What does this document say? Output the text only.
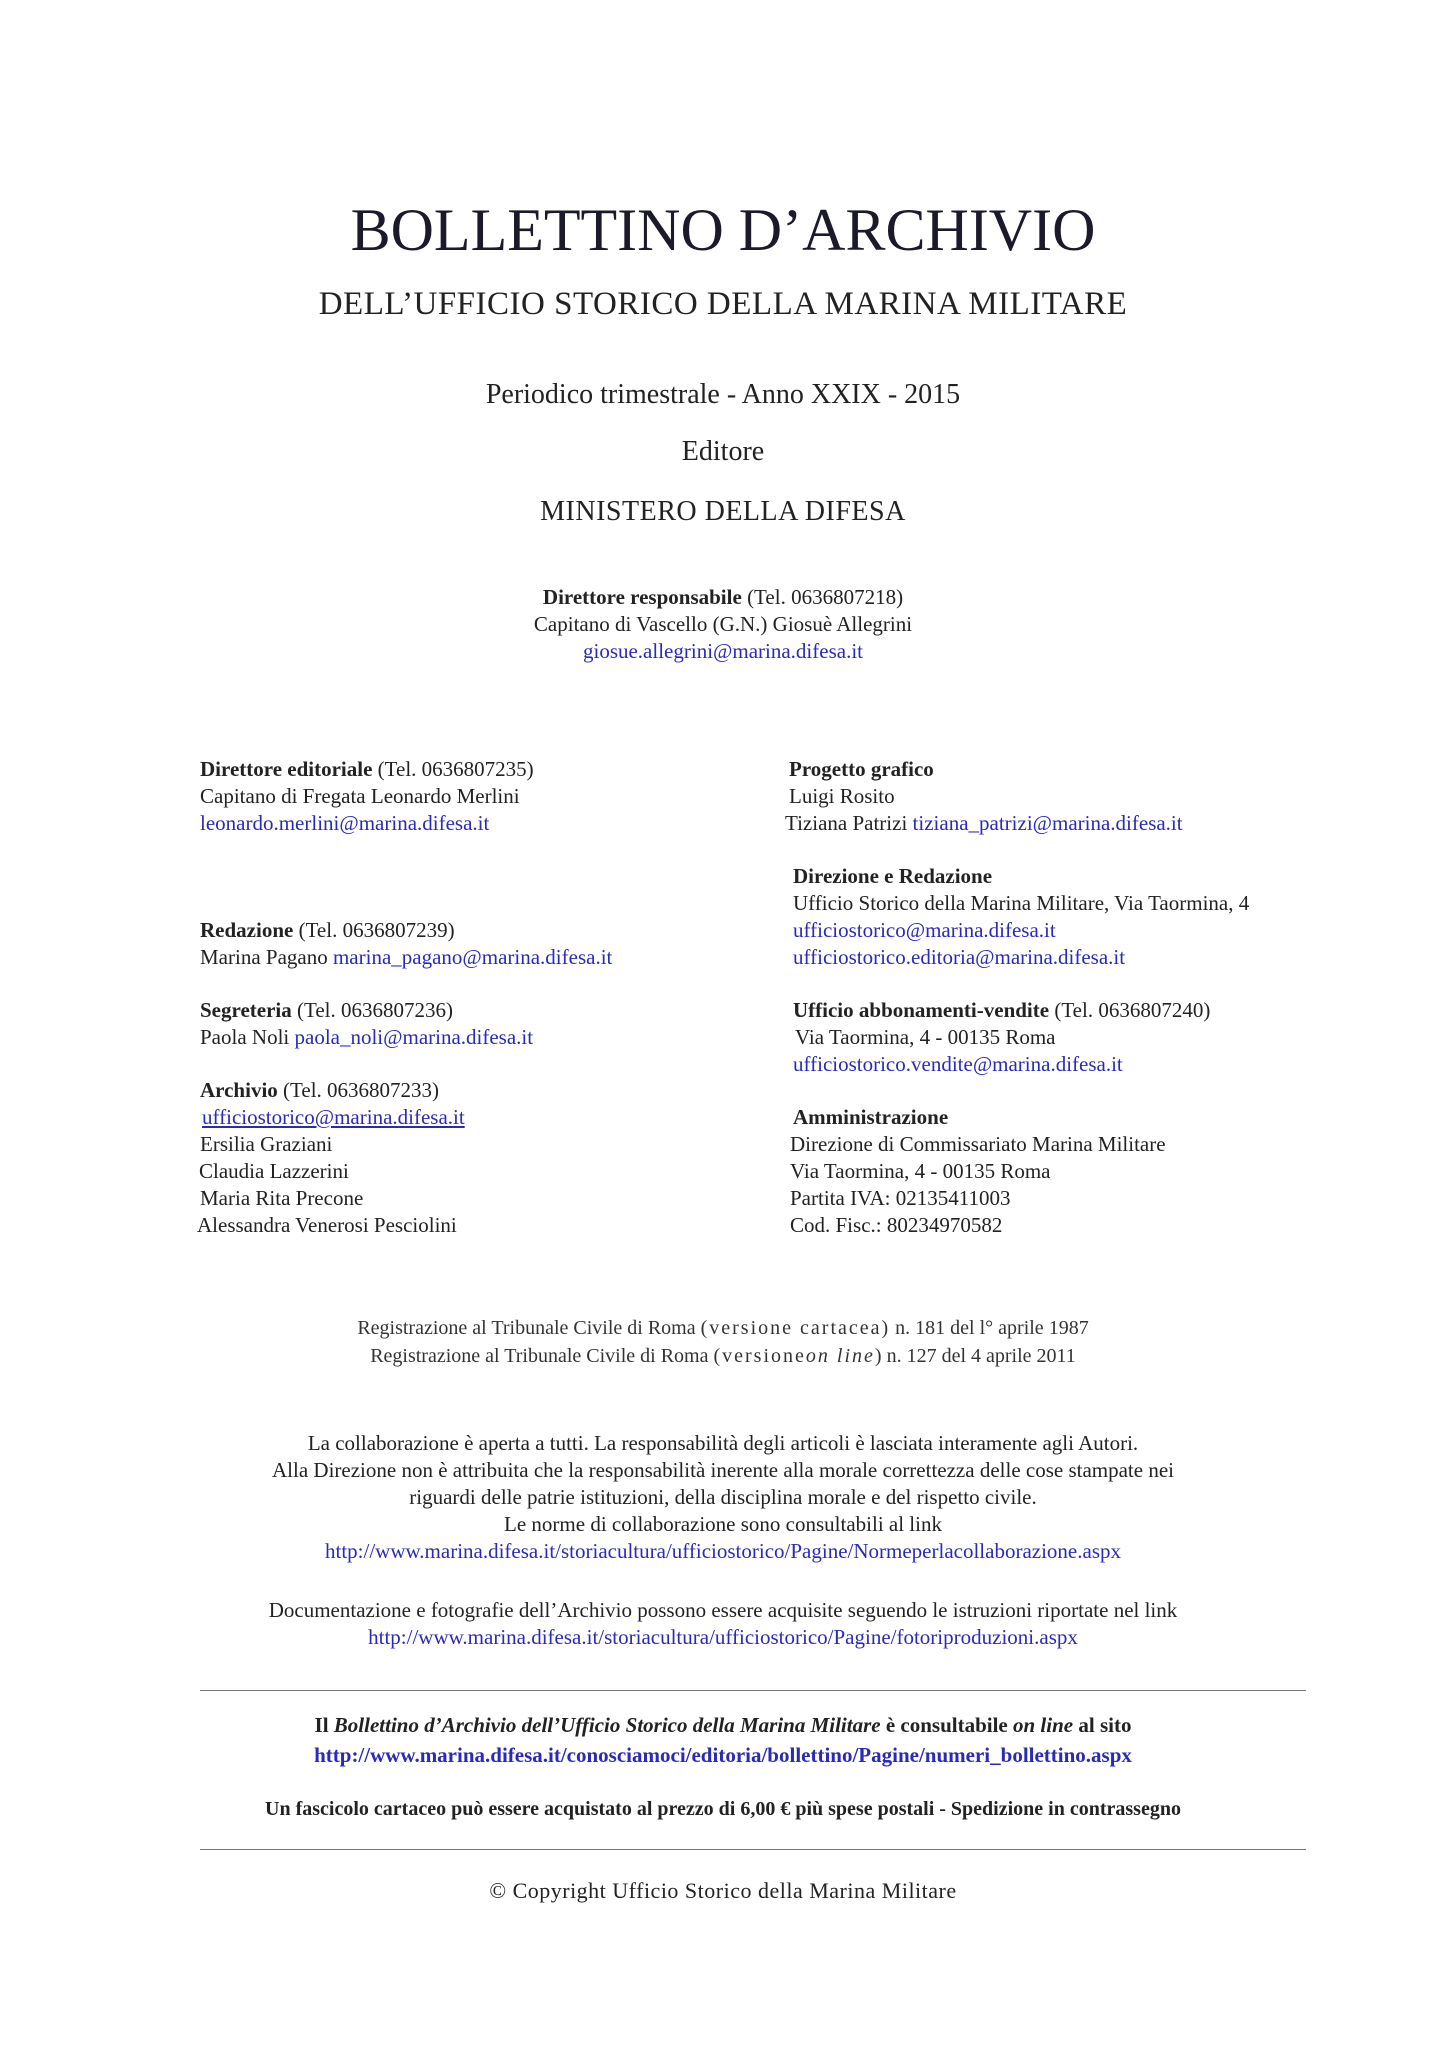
BOLLETTINO D’ARCHIVIO
DELL’UFFICIO STORICO DELLA MARINA MILITARE
Periodico trimestrale - Anno XXIX - 2015
Editore
MINISTERO DELLA DIFESA
Direttore responsabile (Tel. 0636807218)
Capitano di Vascello (G.N.) Giosuè Allegrini
giosue.allegrini@marina.difesa.it
Direttore editoriale (Tel. 0636807235)
Capitano di Fregata Leonardo Merlini
leonardo.merlini@marina.difesa.it
Redazione (Tel. 0636807239)
Marina Pagano marina_pagano@marina.difesa.it
Segreteria (Tel. 0636807236)
Paola Noli paola_noli@marina.difesa.it
Archivio (Tel. 0636807233)
ufficiostorico@marina.difesa.it
Ersilia Graziani
Claudia Lazzerini
Maria Rita Precone
Alessandra Venerosi Pesciolini
Progetto grafico
Luigi Rosito
Tiziana Patrizi tiziana_patrizi@marina.difesa.it
Direzione e Redazione
Ufficio Storico della Marina Militare, Via Taormina, 4
ufficiostorico@marina.difesa.it
ufficiostorico.editoria@marina.difesa.it
Ufficio abbonamenti-vendite (Tel. 0636807240)
Via Taormina, 4 - 00135 Roma
ufficiostorico.vendite@marina.difesa.it
Amministrazione
Direzione di Commissariato Marina Militare
Via Taormina, 4 - 00135 Roma
Partita IVA: 02135411003
Cod. Fisc.: 80234970582
Registrazione al Tribunale Civile di Roma (versione cartacea) n. 181 del l° aprile 1987
Registrazione al Tribunale Civile di Roma (versioneon line) n. 127 del 4 aprile 2011
La collaborazione è aperta a tutti. La responsabilità degli articoli è lasciata interamente agli Autori.
Alla Direzione non è attribuita che la responsabilità inerente alla morale correttezza delle cose stampate nei
riguardi delle patrie istituzioni, della disciplina morale e del rispetto civile.
Le norme di collaborazione sono consultabili al link
http://www.marina.difesa.it/storiacultura/ufficiostorico/Pagine/Normeperlacollaborazione.aspx
Documentazione e fotografie dell’Archivio possono essere acquisite seguendo le istruzioni riportate nel link
http://www.marina.difesa.it/storiacultura/ufficiostorico/Pagine/fotoriproduzioni.aspx
Il Bollettino d’Archivio dell’Ufficio Storico della Marina Militare è consultabile on line al sito
http://www.marina.difesa.it/conosciamoci/editoria/bollettino/Pagine/numeri_bollettino.aspx
Un fascicolo cartaceo può essere acquistato al prezzo di 6,00 € più spese postali - Spedizione in contrassegno
© Copyright Ufficio Storico della Marina Militare
